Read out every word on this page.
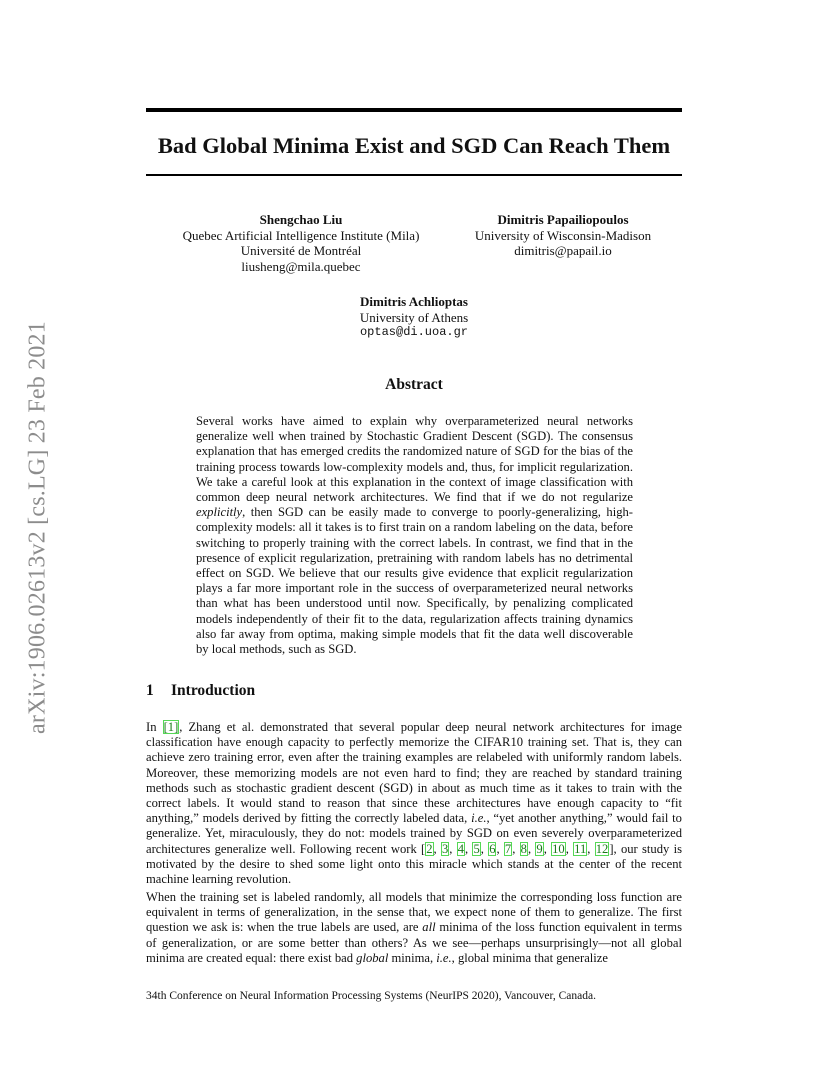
arXiv:1906.02613v2 [cs.LG] 23 Feb 2021
Bad Global Minima Exist and SGD Can Reach Them
Shengchao Liu
Quebec Artificial Intelligence Institute (Mila)
Université de Montréal
liusheng@mila.quebec
Dimitris Papailiopoulos
University of Wisconsin-Madison
dimitris@papail.io
Dimitris Achlioptas
University of Athens
optas@di.uoa.gr
Abstract
Several works have aimed to explain why overparameterized neural networks generalize well when trained by Stochastic Gradient Descent (SGD). The consensus explanation that has emerged credits the randomized nature of SGD for the bias of the training process towards low-complexity models and, thus, for implicit regularization. We take a careful look at this explanation in the context of image classification with common deep neural network architectures. We find that if we do not regularize explicitly, then SGD can be easily made to converge to poorly-generalizing, high-complexity models: all it takes is to first train on a random labeling on the data, before switching to properly training with the correct labels. In contrast, we find that in the presence of explicit regularization, pretraining with random labels has no detrimental effect on SGD. We believe that our results give evidence that explicit regularization plays a far more important role in the success of overparameterized neural networks than what has been understood until now. Specifically, by penalizing complicated models independently of their fit to the data, regularization affects training dynamics also far away from optima, making simple models that fit the data well discoverable by local methods, such as SGD.
1 Introduction
In [1], Zhang et al. demonstrated that several popular deep neural network architectures for image classification have enough capacity to perfectly memorize the CIFAR10 training set. That is, they can achieve zero training error, even after the training examples are relabeled with uniformly random labels. Moreover, these memorizing models are not even hard to find; they are reached by standard training methods such as stochastic gradient descent (SGD) in about as much time as it takes to train with the correct labels. It would stand to reason that since these architectures have enough capacity to “fit anything,” models derived by fitting the correctly labeled data, i.e., “yet another anything,” would fail to generalize. Yet, miraculously, they do not: models trained by SGD on even severely overparameterized architectures generalize well. Following recent work [2, 3, 4, 5, 6, 7, 8, 9, 10, 11, 12], our study is motivated by the desire to shed some light onto this miracle which stands at the center of the recent machine learning revolution.
When the training set is labeled randomly, all models that minimize the corresponding loss function are equivalent in terms of generalization, in the sense that, we expect none of them to generalize. The first question we ask is: when the true labels are used, are all minima of the loss function equivalent in terms of generalization, or are some better than others? As we see—perhaps unsurprisingly—not all global minima are created equal: there exist bad global minima, i.e., global minima that generalize
34th Conference on Neural Information Processing Systems (NeurIPS 2020), Vancouver, Canada.
